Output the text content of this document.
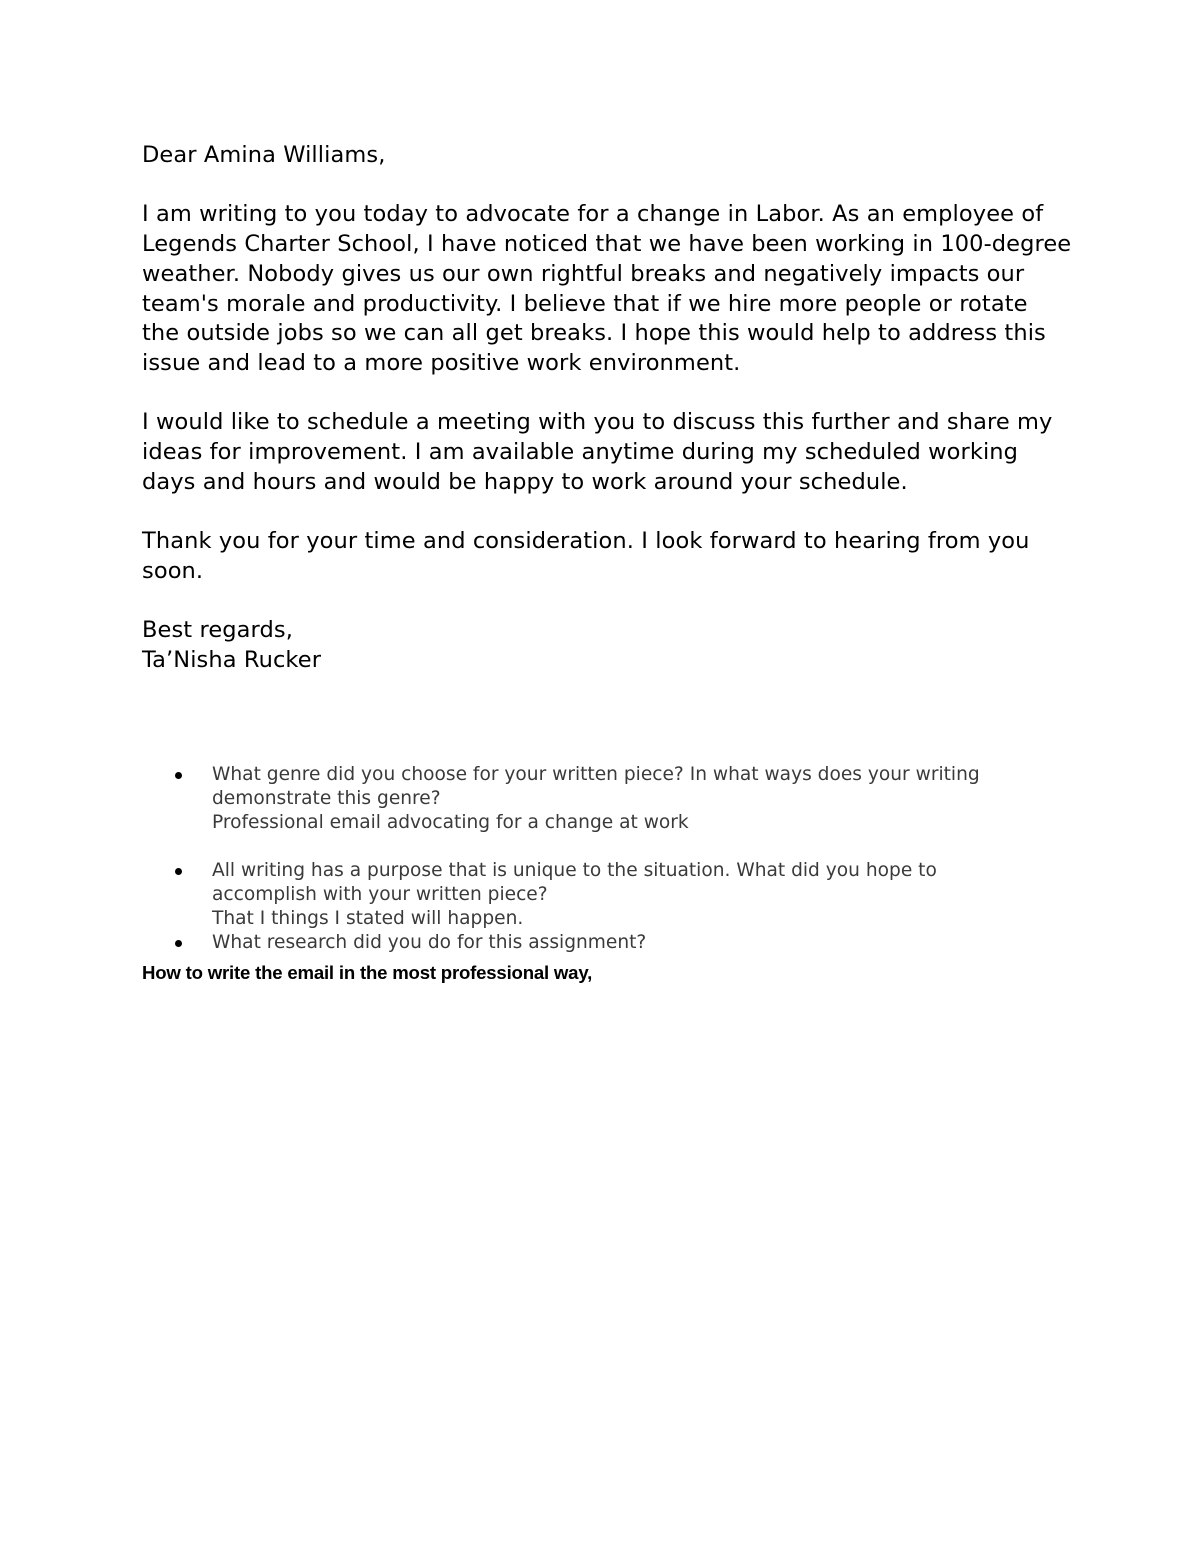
Dear Amina Williams,

I am writing to you today to advocate for a change in Labor. As an employee of Legends Charter School, I have noticed that we have been working in 100-degree weather. Nobody gives us our own rightful breaks and negatively impacts our team's morale and productivity. I believe that if we hire more people or rotate the outside jobs so we can all get breaks. I hope this would help to address this issue and lead to a more positive work environment.

I would like to schedule a meeting with you to discuss this further and share my ideas for improvement. I am available anytime during my scheduled working days and hours and would be happy to work around your schedule.

Thank you for your time and consideration. I look forward to hearing from you soon.

Best regards,

Ta’Nisha Rucker

What genre did you choose for your written piece? In what ways does your writing demonstrate this genre?
Professional email advocating for a change at work
All writing has a purpose that is unique to the situation. What did you hope to accomplish with your written piece?
That I things I stated will happen.
What research did you do for this assignment?
How to write the email in the most professional way,
